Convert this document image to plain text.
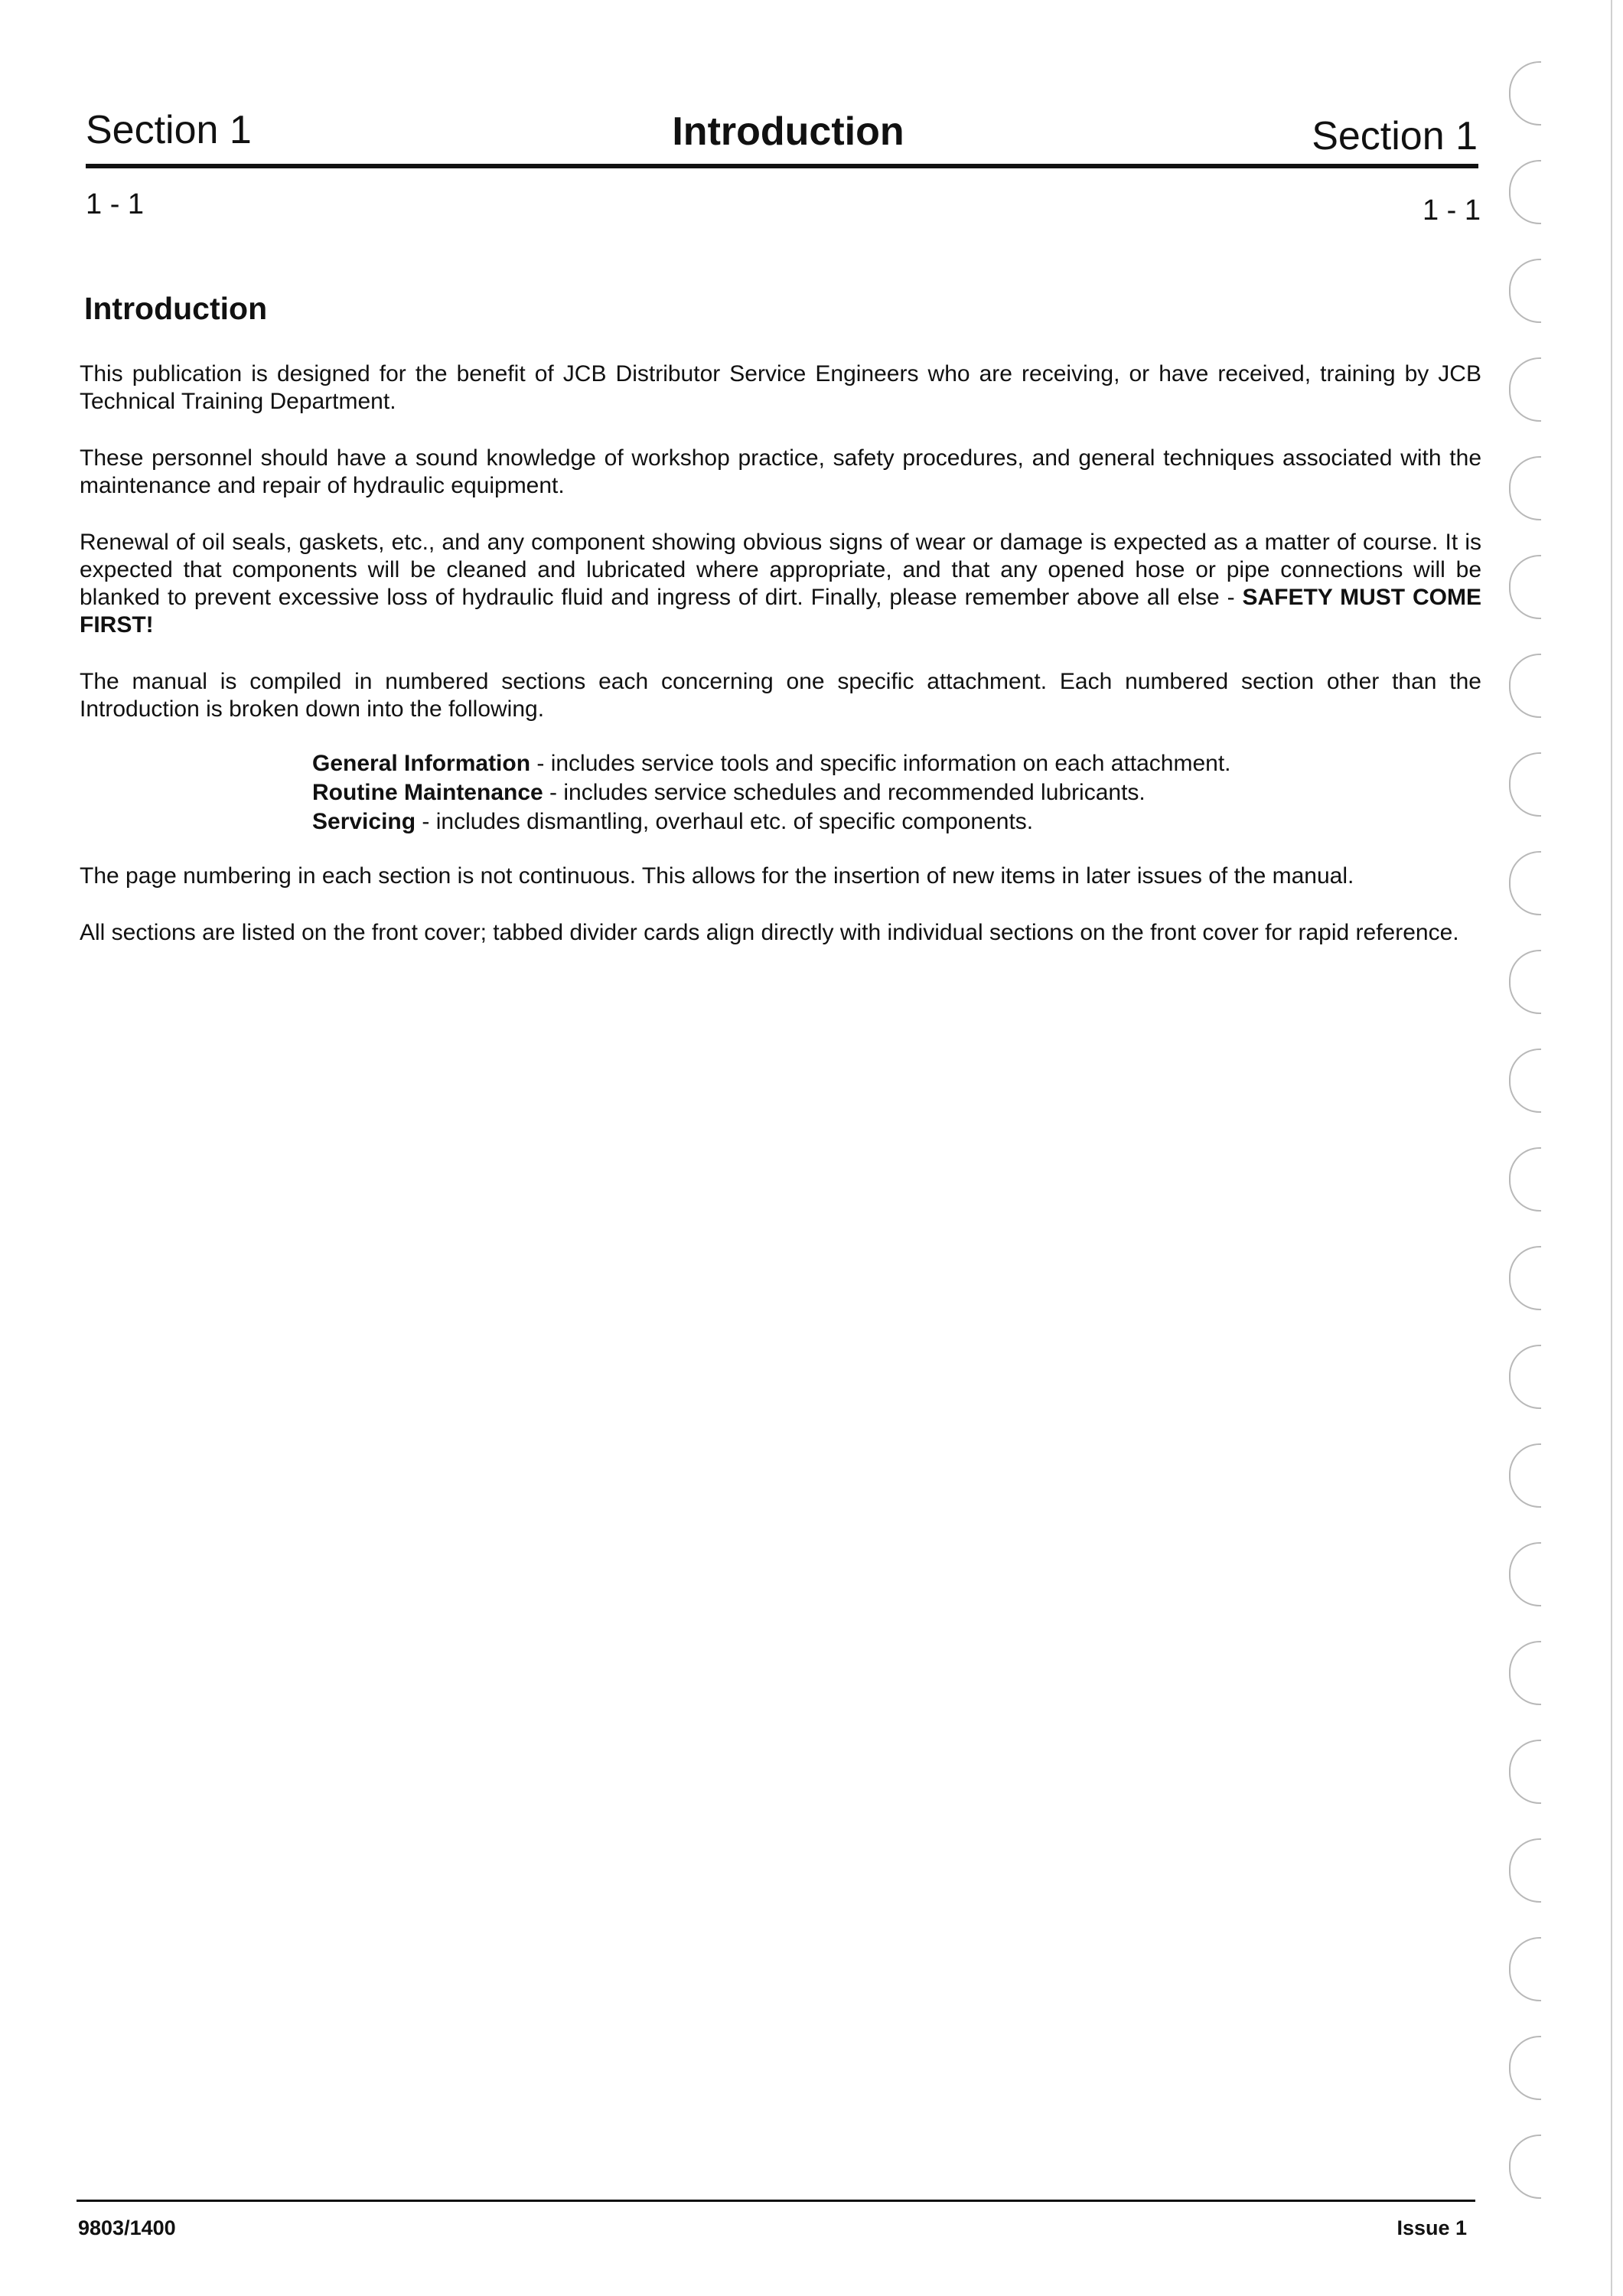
Section 1	Introduction	Section 1
1 - 1	1 - 1
Introduction

This publication is designed for the benefit of JCB Distributor Service Engineers who are receiving, or have received, training by JCB Technical Training Department.

These personnel should have a sound knowledge of workshop practice, safety procedures, and general techniques associated with the maintenance and repair of hydraulic equipment.

Renewal of oil seals, gaskets, etc., and any component showing obvious signs of wear or damage is expected as a matter of course. It is expected that components will be cleaned and lubricated where appropriate, and that any opened hose or pipe connections will be blanked to prevent excessive loss of hydraulic fluid and ingress of dirt. Finally, please remember above all else - SAFETY MUST COME FIRST!

The manual is compiled in numbered sections each concerning one specific attachment. Each numbered section other than the Introduction is broken down into the following.

General Information - includes service tools and specific information on each attachment.
Routine Maintenance - includes service schedules and recommended lubricants.
Servicing - includes dismantling, overhaul etc. of specific components.

The page numbering in each section is not continuous. This allows for the insertion of new items in later issues of the manual.

All sections are listed on the front cover; tabbed divider cards align directly with individual sections on the front cover for rapid reference.

9803/1400	Issue 1
